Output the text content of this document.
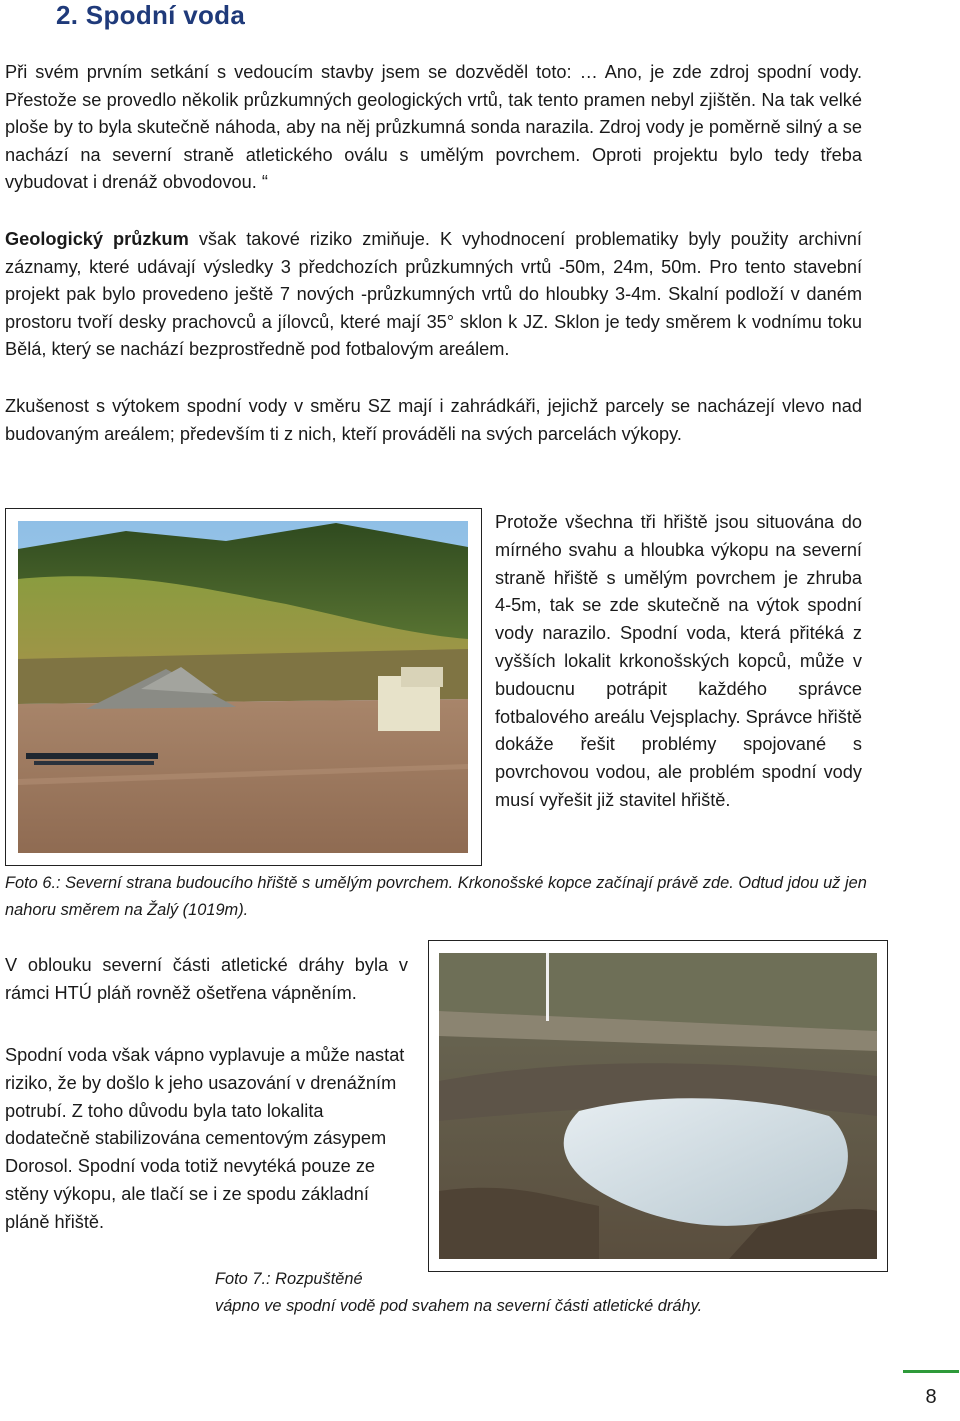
2. Spodní voda

Při svém prvním setkání s vedoucím stavby jsem se dozvěděl toto: … Ano, je zde zdroj spodní vody. Přestože se provedlo několik průzkumných geologických vrtů, tak tento pramen nebyl zjištěn. Na tak velké ploše by to byla skutečně náhoda, aby na něj průzkumná sonda narazila. Zdroj vody je poměrně silný a se nachází na severní straně atletického oválu s umělým povrchem. Oproti projektu bylo tedy třeba vybudovat i drenáž obvodovou. “

Geologický průzkum však takové riziko zmiňuje. K vyhodnocení problematiky byly použity archivní záznamy, které udávají výsledky 3 předchozích průzkumných vrtů -50m, 24m, 50m. Pro tento stavební projekt pak bylo provedeno ještě 7 nových -průzkumných vrtů do hloubky 3-4m. Skalní podloží v daném prostoru tvoří desky prachovců a jílovců, které mají 35° sklon k JZ. Sklon je tedy směrem k vodnímu toku Bělá, který se nachází bezprostředně pod fotbalovým areálem.

Zkušenost s výtokem spodní vody v směru SZ mají i zahrádkáři, jejichž parcely se nacházejí vlevo nad budovaným areálem; především ti z nich, kteří prováděli na svých parcelách výkopy.

Protože všechna tři hřiště jsou situována do mírného svahu a hloubka výkopu na severní straně hřiště s umělým povrchem je zhruba 4-5m, tak se zde skutečně na výtok spodní vody narazilo. Spodní voda, která přitéká z vyšších lokalit krkonošských kopců, může v budoucnu potrápit každého správce fotbalového areálu Vejsplachy. Správce hřiště dokáže řešit problémy spojované s povrchovou vodou, ale problém spodní vody musí vyřešit již stavitel hřiště.
Foto 6.: Severní strana budoucího hřiště s umělým povrchem. Krkonošské kopce začínají právě zde. Odtud jdou už jen nahoru směrem na Žalý (1019m).
V oblouku severní části atletické dráhy byla v rámci HTÚ pláň rovněž ošetřena vápněním.
Spodní voda však vápno vyplavuje a může nastat riziko, že by došlo k jeho usazování v drenážním potrubí. Z toho důvodu byla tato lokalita dodatečně stabilizována cementovým zásypem Dorosol. Spodní voda totiž nevytéká pouze ze stěny výkopu, ale tlačí se i ze spodu základní pláně hřiště.
Foto 7.: Rozpuštěné
vápno ve spodní vodě pod svahem na severní části atletické dráhy.
8
